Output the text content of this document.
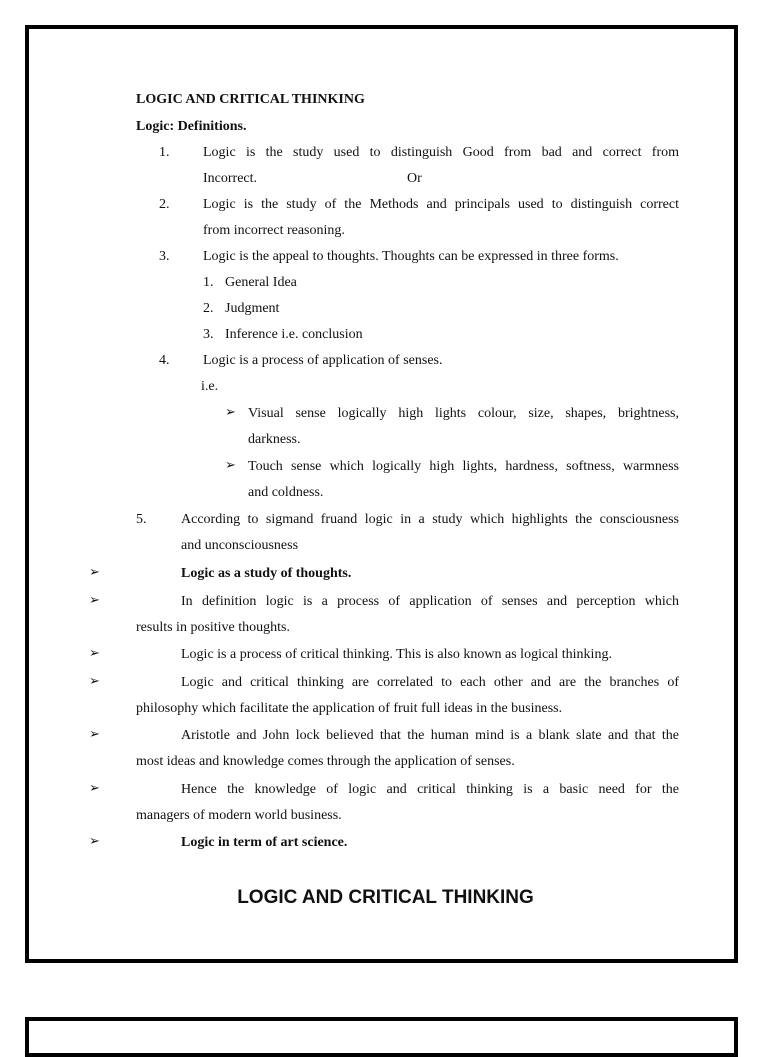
LOGIC AND CRITICAL THINKING
Logic: Definitions.
1. Logic is the study used to distinguish Good from bad and correct from
Incorrect.	Or
2. Logic is the study of the Methods and principals used to distinguish correct
from incorrect reasoning.
3. Logic is the appeal to thoughts. Thoughts can be expressed in three forms.
1. General Idea
2. Judgment
3. Inference i.e. conclusion
4. Logic is a process of application of senses.
i.e.
➢ Visual sense logically high lights colour, size, shapes, brightness,
darkness.
➢ Touch sense which logically high lights, hardness, softness, warmness
and coldness.
5. According to sigmand fruand logic in a study which highlights the consciousness
and unconsciousness
➢	Logic as a study of thoughts.
➢	In definition logic is a process of application of senses and perception which
results in positive thoughts.
➢	Logic is a process of critical thinking. This is also known as logical thinking.
➢	Logic and critical thinking are correlated to each other and are the branches of
philosophy which facilitate the application of fruit full ideas in the business.
➢	Aristotle and John lock believed that the human mind is a blank slate and that the
most ideas and knowledge comes through the application of senses.
➢	Hence the knowledge of logic and critical thinking is a basic need for the
managers of modern world business.
➢	Logic in term of art science.
LOGIC AND CRITICAL THINKING
